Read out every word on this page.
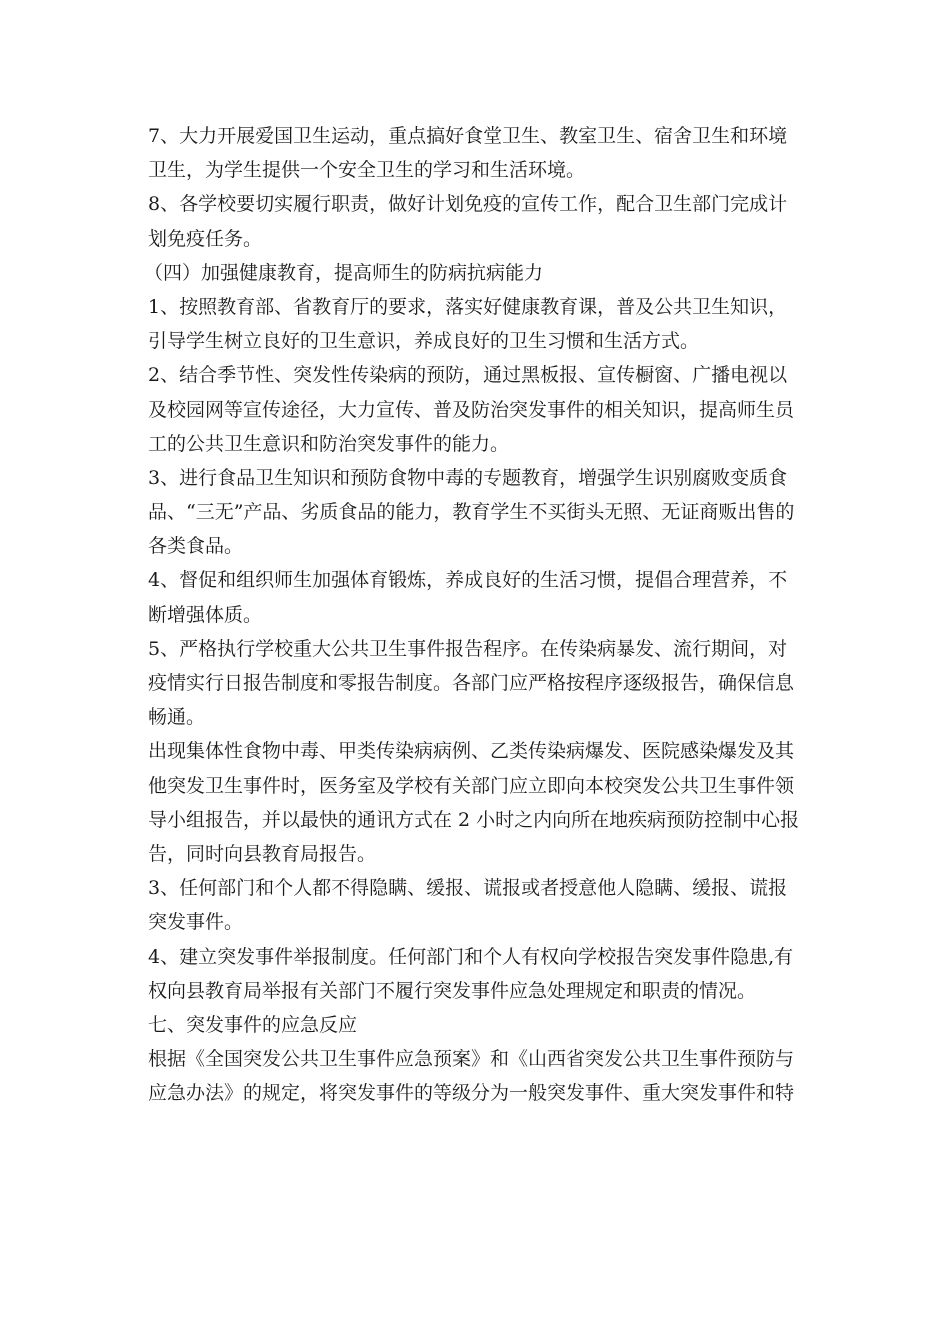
7、大力开展爱国卫生运动，重点搞好食堂卫生、教室卫生、宿舍卫生和环境
卫生，为学生提供一个安全卫生的学习和生活环境。
8、各学校要切实履行职责，做好计划免疫的宣传工作，配合卫生部门完成计
划免疫任务。
（四）加强健康教育，提高师生的防病抗病能力
1、按照教育部、省教育厅的要求，落实好健康教育课，普及公共卫生知识，
引导学生树立良好的卫生意识，养成良好的卫生习惯和生活方式。
2、结合季节性、突发性传染病的预防，通过黑板报、宣传橱窗、广播电视以
及校园网等宣传途径，大力宣传、普及防治突发事件的相关知识，提高师生员
工的公共卫生意识和防治突发事件的能力。
3、进行食品卫生知识和预防食物中毒的专题教育，增强学生识别腐败变质食
品、“三无”产品、劣质食品的能力，教育学生不买街头无照、无证商贩出售的
各类食品。
4、督促和组织师生加强体育锻炼，养成良好的生活习惯，提倡合理营养，不
断增强体质。
5、严格执行学校重大公共卫生事件报告程序。在传染病暴发、流行期间，对
疫情实行日报告制度和零报告制度。各部门应严格按程序逐级报告，确保信息
畅通。
出现集体性食物中毒、甲类传染病病例、乙类传染病爆发、医院感染爆发及其
他突发卫生事件时，医务室及学校有关部门应立即向本校突发公共卫生事件领
导小组报告，并以最快的通讯方式在 2 小时之内向所在地疾病预防控制中心报
告，同时向县教育局报告。
3、任何部门和个人都不得隐瞒、缓报、谎报或者授意他人隐瞒、缓报、谎报
突发事件。
4、建立突发事件举报制度。任何部门和个人有权向学校报告突发事件隐患,有
权向县教育局举报有关部门不履行突发事件应急处理规定和职责的情况。
七、突发事件的应急反应
根据《全国突发公共卫生事件应急预案》和《山西省突发公共卫生事件预防与
应急办法》的规定，将突发事件的等级分为一般突发事件、重大突发事件和特
